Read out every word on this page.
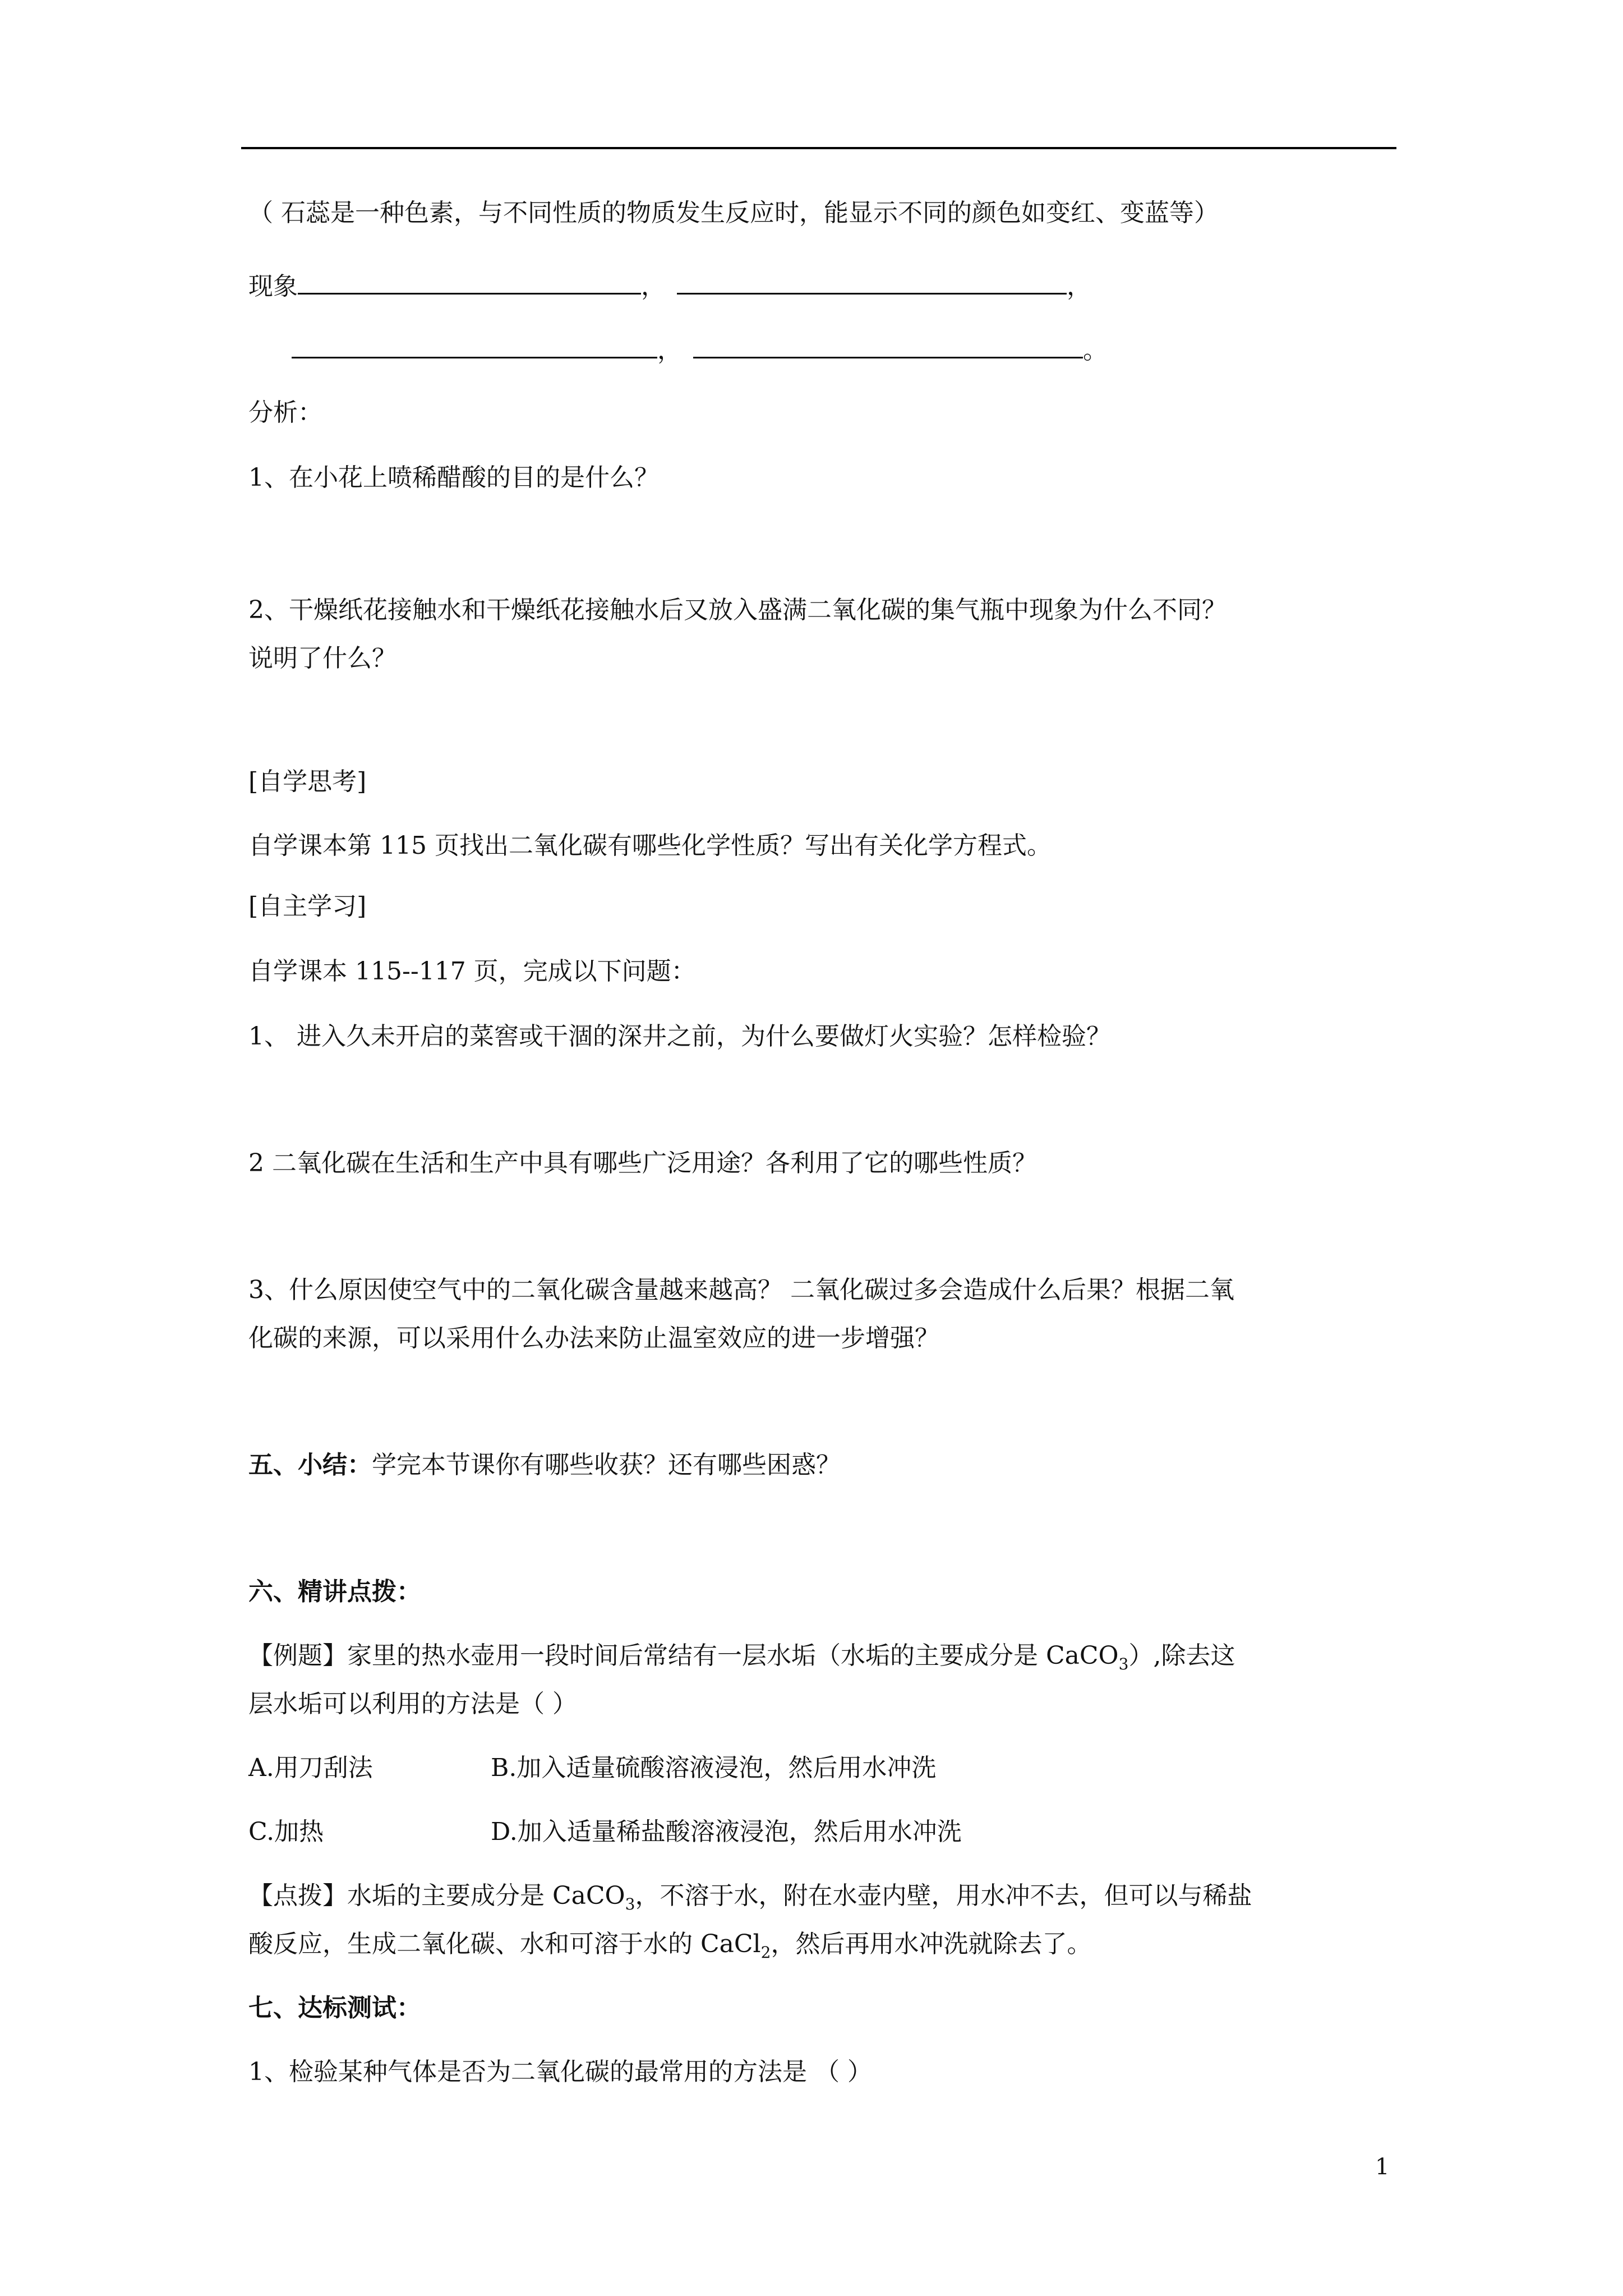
（ 石蕊是一种色素，与不同性质的物质发生反应时，能显示不同的颜色如变红、变蓝等）
现象	，	，
，	。
分析：
1、在小花上喷稀醋酸的目的是什么？
2、干燥纸花接触水和干燥纸花接触水后又放入盛满二氧化碳的集气瓶中现象为什么不同？
说明了什么？
[自学思考]
自学课本第 115 页找出二氧化碳有哪些化学性质？写出有关化学方程式。
[自主学习]
自学课本 115--117 页，完成以下问题：
1、 进入久未开启的菜窖或干涸的深井之前，为什么要做灯火实验？怎样检验？
2 二氧化碳在生活和生产中具有哪些广泛用途？各利用了它的哪些性质？
3、什么原因使空气中的二氧化碳含量越来越高？ 二氧化碳过多会造成什么后果？根据二氧
化碳的来源，可以采用什么办法来防止温室效应的进一步增强？
五、小结：学完本节课你有哪些收获？还有哪些困惑？
六、精讲点拨：
【例题】家里的热水壶用一段时间后常结有一层水垢（水垢的主要成分是 CaCO$_3$）,除去这
层水垢可以利用的方法是（ ）
A.用刀刮法	B.加入适量硫酸溶液浸泡，然后用水冲洗
C.加热	D.加入适量稀盐酸溶液浸泡，然后用水冲洗
【点拨】水垢的主要成分是 CaCO$_3$，不溶于水，附在水壶内壁，用水冲不去，但可以与稀盐
酸反应，生成二氧化碳、水和可溶于水的 CaCl$_2$，然后再用水冲洗就除去了。
七、达标测试：
1、检验某种气体是否为二氧化碳的最常用的方法是 （ ）
1
